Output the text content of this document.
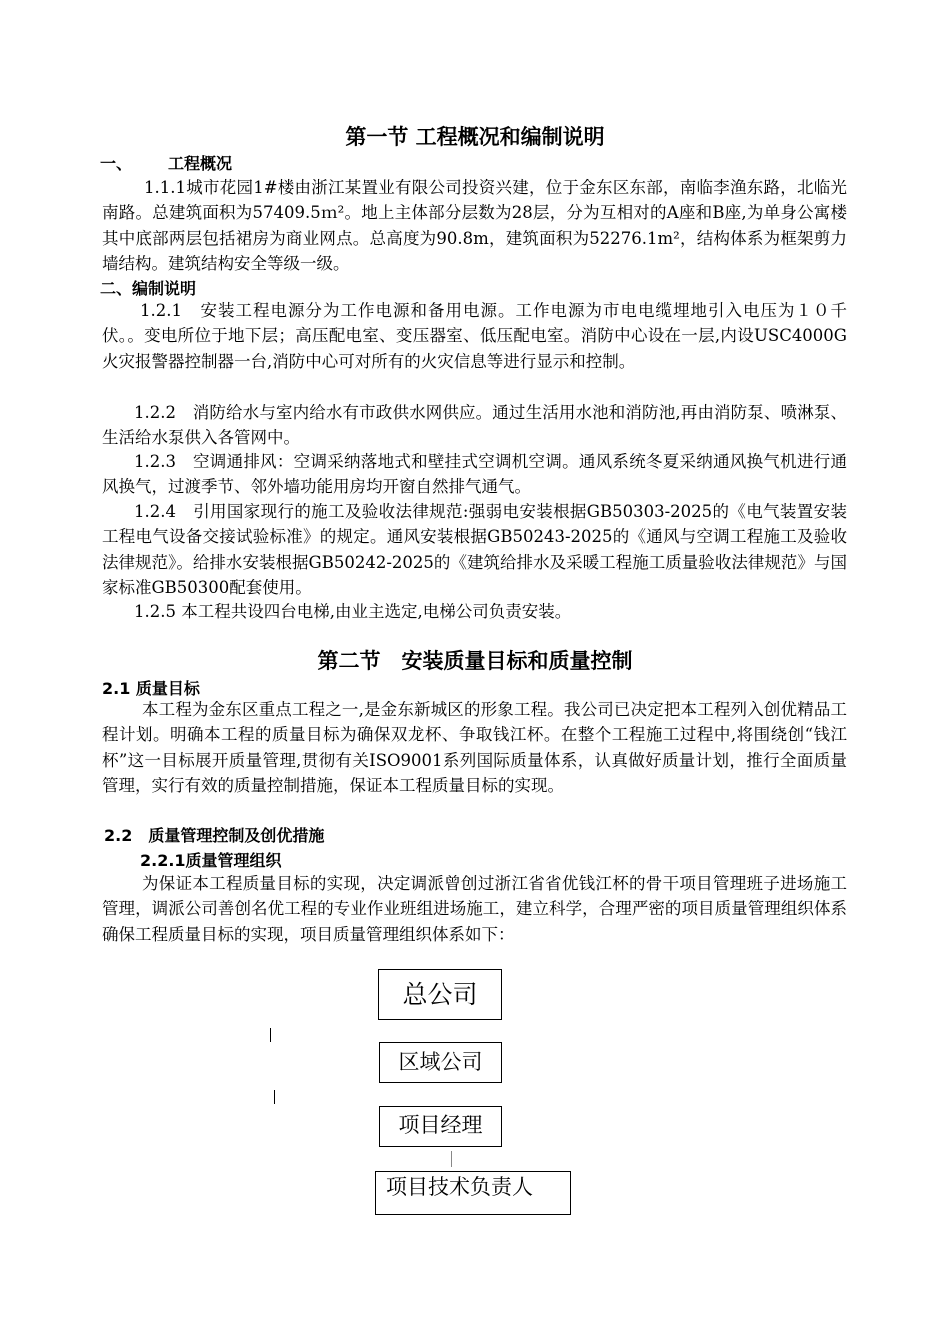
第一节 工程概况和编制说明
一、 工程概况
1.1.1城市花园1#楼由浙江某置业有限公司投资兴建，位于金东区东部，南临李渔东路，北临光南路。总建筑面积为57409.5ｍ²。地上主体部分层数为28层，分为互相对的A座和B座,为单身公寓楼其中底部两层包括裙房为商业网点。总高度为90.8m，建筑面积为52276.1m²，结构体系为框架剪力墙结构。建筑结构安全等级一级。
二、编制说明
1.2.1　安装工程电源分为工作电源和备用电源。工作电源为市电电缆埋地引入电压为１０千伏。。变电所位于地下层；高压配电室、变压器室、低压配电室。消防中心设在一层,内设USC4000G火灾报警器控制器一台,消防中心可对所有的火灾信息等进行显示和控制。
1.2.2　消防给水与室内给水有市政供水网供应。通过生活用水池和消防池,再由消防泵、喷淋泵、生活给水泵供入各管网中。
1.2.3　空调通排风：空调采纳落地式和壁挂式空调机空调。通风系统冬夏采纳通风换气机进行通风换气，过渡季节、邻外墙功能用房均开窗自然排气通气。
1.2.4　引用国家现行的施工及验收法律规范:强弱电安装根据GB50303-2025的《电气装置安装工程电气设备交接试验标准》的规定。通风安装根据GB50243-2025的《通风与空调工程施工及验收法律规范》。给排水安装根据GB50242-2025的《建筑给排水及采暖工程施工质量验收法律规范》与国家标准GB50300配套使用。
1.2.5 本工程共设四台电梯,由业主选定,电梯公司负责安装。
第二节　安装质量目标和质量控制
2.1 质量目标
本工程为金东区重点工程之一,是金东新城区的形象工程。我公司已决定把本工程列入创优精品工程计划。明确本工程的质量目标为确保双龙杯、争取钱江杯。在整个工程施工过程中,将围绕创“钱江杯”这一目标展开质量管理,贯彻有关ISO9001系列国际质量体系，认真做好质量计划，推行全面质量管理，实行有效的质量控制措施，保证本工程质量目标的实现。
2.2　质量管理控制及创优措施
2.2.1质量管理组织
为保证本工程质量目标的实现，决定调派曾创过浙江省省优钱江杯的骨干项目管理班子进场施工管理，调派公司善创名优工程的专业作业班组进场施工，建立科学，合理严密的项目质量管理组织体系确保工程质量目标的实现，项目质量管理组织体系如下：
总公司
区域公司
项目经理
项目技术负责人
